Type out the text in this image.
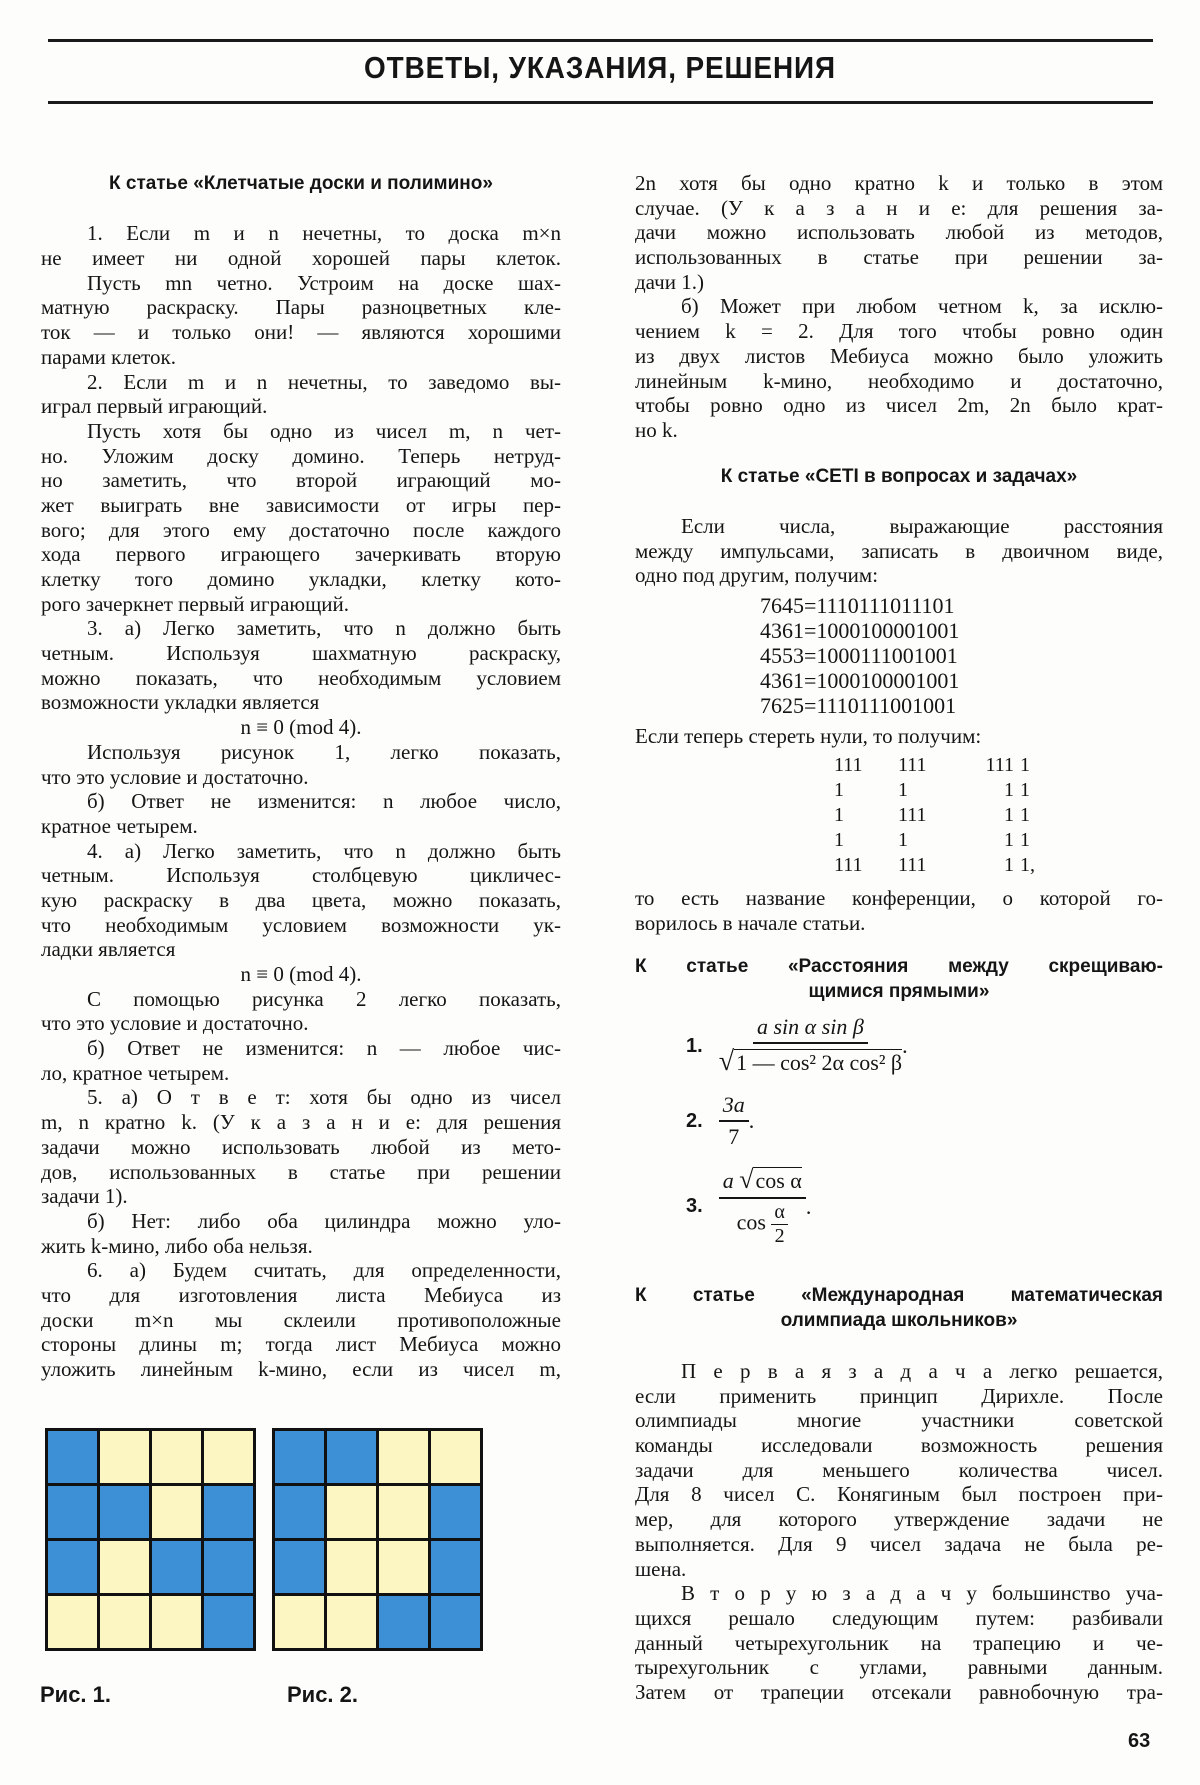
ОТВЕТЫ, УКАЗАНИЯ, РЕШЕНИЯ
К статье «Клетчатые доски и полимино»
1. Если m и n нечетны, то доска m×n
не имеет ни одной хорошей пары клеток.
Пусть mn четно. Устроим на доске шах-
матную раскраску. Пары разноцветных кле-
ток — и только они! — являются хорошими
парами клеток.
2. Если m и n нечетны, то заведомо вы-
играл первый играющий.
Пусть хотя бы одно из чисел m, n чет-
но. Уложим доску домино. Теперь нетруд-
но заметить, что второй играющий мо-
жет выиграть вне зависимости от игры пер-
вого; для этого ему достаточно после каждого
хода первого играющего зачеркивать вторую
клетку того домино укладки, клетку кото-
рого зачеркнет первый играющий.
3. а) Легко заметить, что n должно быть
четным. Используя шахматную раскраску,
можно показать, что необходимым условием
возможности укладки является
n ≡ 0 (mod 4).
Используя рисунок 1, легко показать,
что это условие и достаточно.
б) Ответ не изменится: n любое число,
кратное четырем.
4. а) Легко заметить, что n должно быть
четным. Используя столбцевую цикличес-
кую раскраску в два цвета, можно показать,
что необходимым условием возможности ук-
ладки является
n ≡ 0 (mod 4).
С помощью рисунка 2 легко показать,
что это условие и достаточно.
б) Ответ не изменится: n — любое чис-
ло, кратное четырем.
5. а) О т в е т: хотя бы одно из чисел
m, n кратно k. (У к а з а н и е: для решения
задачи можно использовать любой из мето-
дов, использованных в статье при решении
задачи 1).
б) Нет: либо оба цилиндра можно уло-
жить k-мино, либо оба нельзя.
6. а) Будем считать, для определенности,
что для изготовления листа Мебиуса из
доски m×n мы склеили противоположные
стороны длины m; тогда лист Мебиуса можно
уложить линейным k-мино, если из чисел m,
2n хотя бы одно кратно k и только в этом
случае. (У к а з а н и е: для решения за-
дачи можно использовать любой из методов,
использованных в статье при решении за-
дачи 1.)
б) Может при любом четном k, за исклю-
чением k = 2. Для того чтобы ровно один
из двух листов Мебиуса можно было уложить
линейным k-мино, необходимо и достаточно,
чтобы ровно одно из чисел 2m, 2n было крат-
но k.
К статье «СЕТI в вопросах и задачах»
Если числа, выражающие расстояния
между импульсами, записать в двоичном виде,
одно под другим, получим:
7645=1110111011101
4361=1000100001001
4553=1000111001001
4361=1000100001001
7625=1110111001001
Если теперь стереть нули, то получим:
111	111	111	1
1	1	1	1
1	111	1	1
1	1	1	1
111	111	1	1,
то есть название конференции, о которой го-
ворилось в начале статьи.
К статье «Расстояния между скрещиваю-
щимися прямыми»
1. $\frac{\text{a sin α sin β}}{\text{√1 — cos² 2α cos² β}}$ .
2. $\frac{3a}{7}$ .
3. $\frac{\text{a √cos α}}{\cos \frac{\alpha}{2}}$ .
К статье «Международная математическая
олимпиада школьников»
П е р в а я з а д а ч а легко решается,
если применить принцип Дирихле. После
олимпиады многие участники советской
команды исследовали возможность решения
задачи для меньшего количества чисел.
Для 8 чисел С. Конягиным был построен при-
мер, для которого утверждение задачи не
выполняется. Для 9 чисел задача не была ре-
шена.
В т о р у ю з а д а ч у большинство уча-
щихся решало следующим путем: разбивали
данный четырехугольник на трапецию и че-
тырехугольник с углами, равными данным.
Затем от трапеции отсекали равнобочную тра-
Рис. 1.	Рис. 2.
63
